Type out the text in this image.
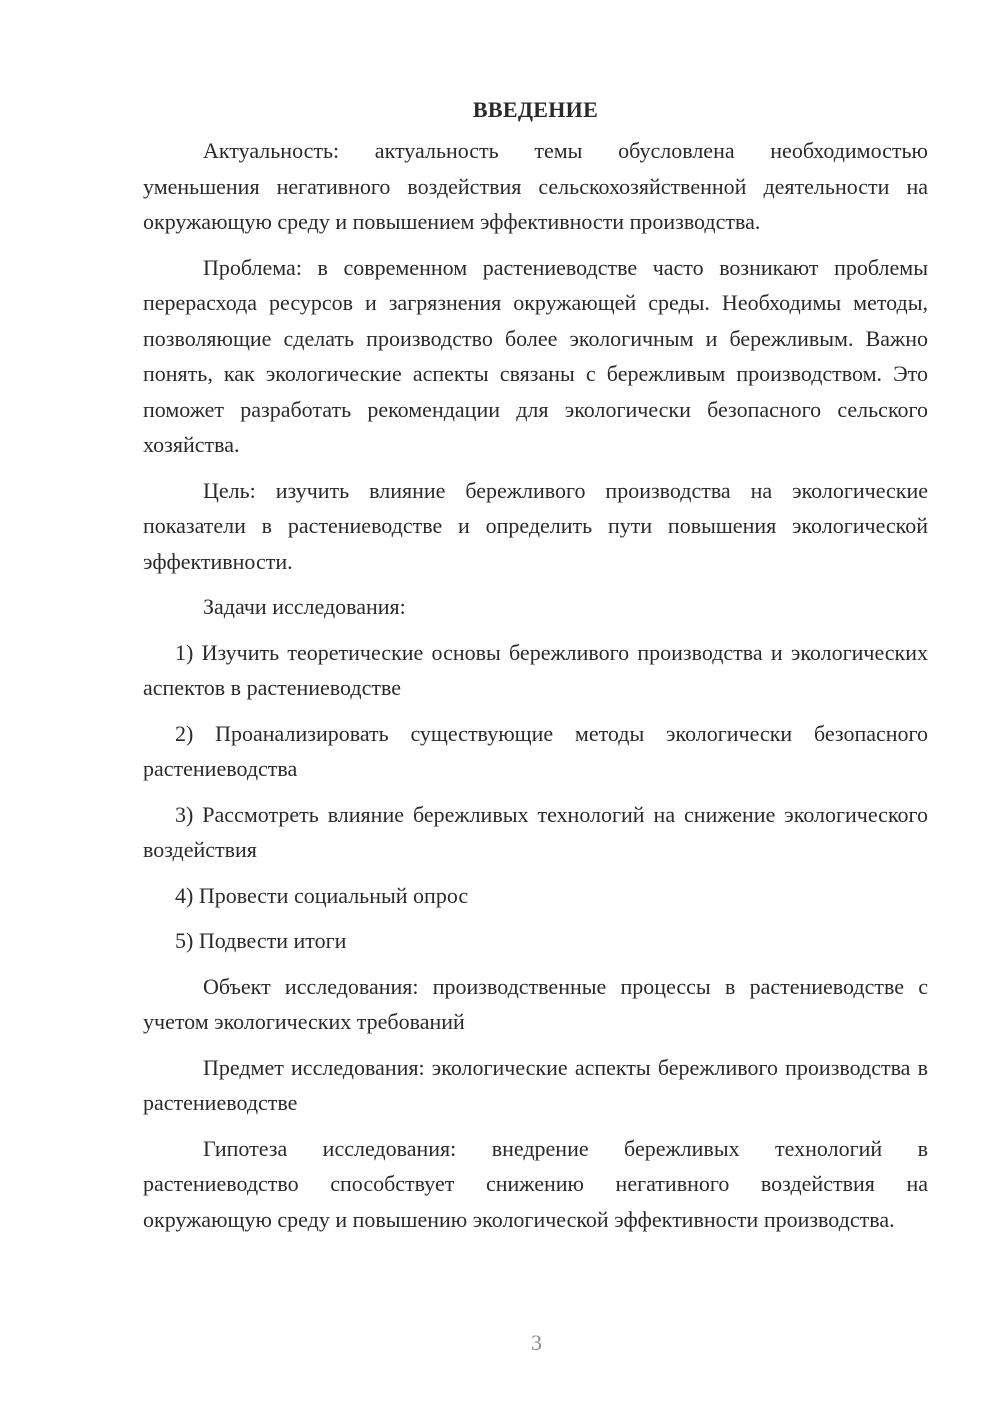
ВВЕДЕНИЕ

Актуальность: актуальность темы обусловлена необходимостью уменьшения негативного воздействия сельскохозяйственной деятельности на окружающую среду и повышением эффективности производства.

Проблема: в современном растениеводстве часто возникают проблемы перерасхода ресурсов и загрязнения окружающей среды. Необходимы методы, позволяющие сделать производство более экологичным и бережливым. Важно понять, как экологические аспекты связаны с бережливым производством. Это поможет разработать рекомендации для экологически безопасного сельского хозяйства.

Цель: изучить влияние бережливого производства на экологические показатели в растениеводстве и определить пути повышения экологической эффективности.

Задачи исследования:

1) Изучить теоретические основы бережливого производства и экологических аспектов в растениеводстве

2) Проанализировать существующие методы экологически безопасного растениеводства

3) Рассмотреть влияние бережливых технологий на снижение экологического воздействия

4) Провести социальный опрос

5) Подвести итоги

Объект исследования: производственные процессы в растениеводстве с учетом экологических требований

Предмет исследования: экологические аспекты бережливого производства в растениеводстве

Гипотеза исследования: внедрение бережливых технологий в растениеводство способствует снижению негативного воздействия на окружающую среду и повышению экологической эффективности производства.

3
